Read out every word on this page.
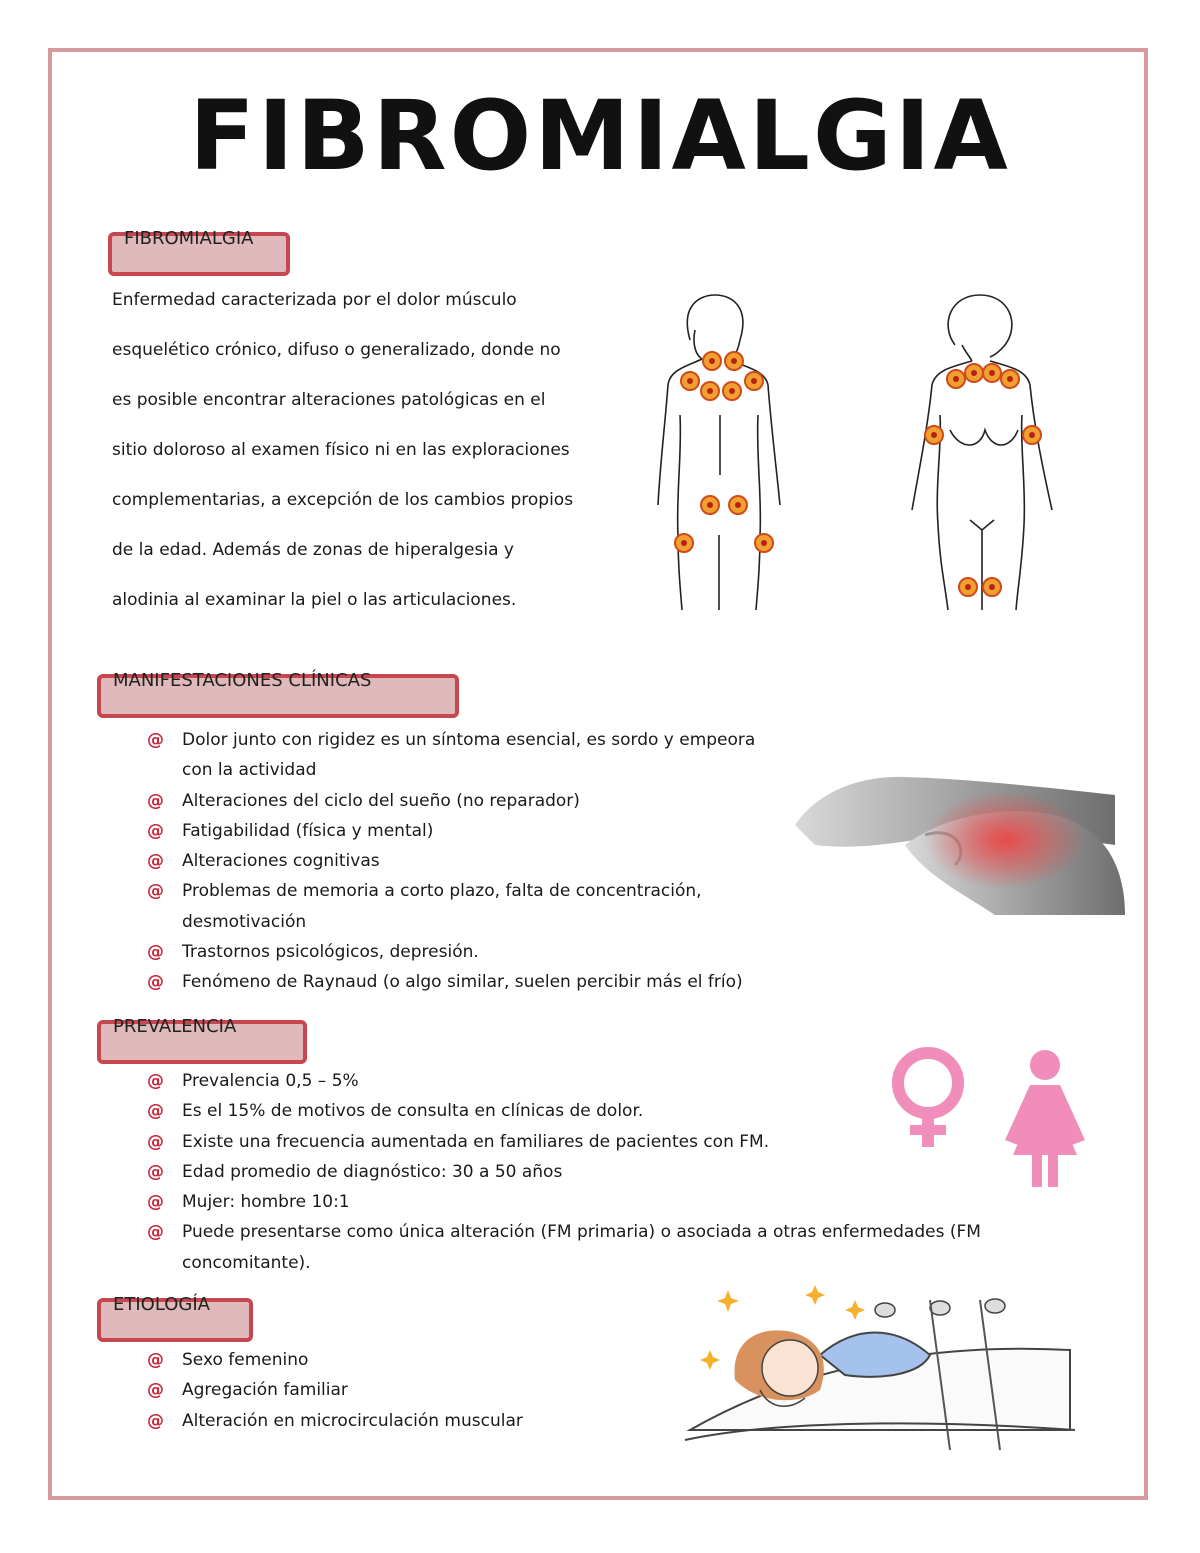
FIBROMIALGIA
FIBROMIALGIA
Enfermedad caracterizada por el dolor músculo esquelético crónico, difuso o generalizado, donde no es posible encontrar alteraciones patológicas en el sitio doloroso al examen físico ni en las exploraciones complementarias, a excepción de los cambios propios de la edad. Además de zonas de hiperalgesia y alodinia al examinar la piel o las articulaciones.
MANIFESTACIONES CLÍNICAS
@ Dolor junto con rigidez es un síntoma esencial, es sordo y empeora con la actividad
@ Alteraciones del ciclo del sueño (no reparador)
@ Fatigabilidad (física y mental)
@ Alteraciones cognitivas
@ Problemas de memoria a corto plazo, falta de concentración, desmotivación
@ Trastornos psicológicos, depresión.
@ Fenómeno de Raynaud (o algo similar, suelen percibir más el frío)
PREVALENCIA
@ Prevalencia 0,5 – 5%
@ Es el 15% de motivos de consulta en clínicas de dolor.
@ Existe una frecuencia aumentada en familiares de pacientes con FM.
@ Edad promedio de diagnóstico: 30 a 50 años
@ Mujer: hombre 10:1
@ Puede presentarse como única alteración (FM primaria) o asociada a otras enfermedades (FM concomitante).
ETIOLOGÍA
@ Sexo femenino
@ Agregación familiar
@ Alteración en microcirculación muscular
